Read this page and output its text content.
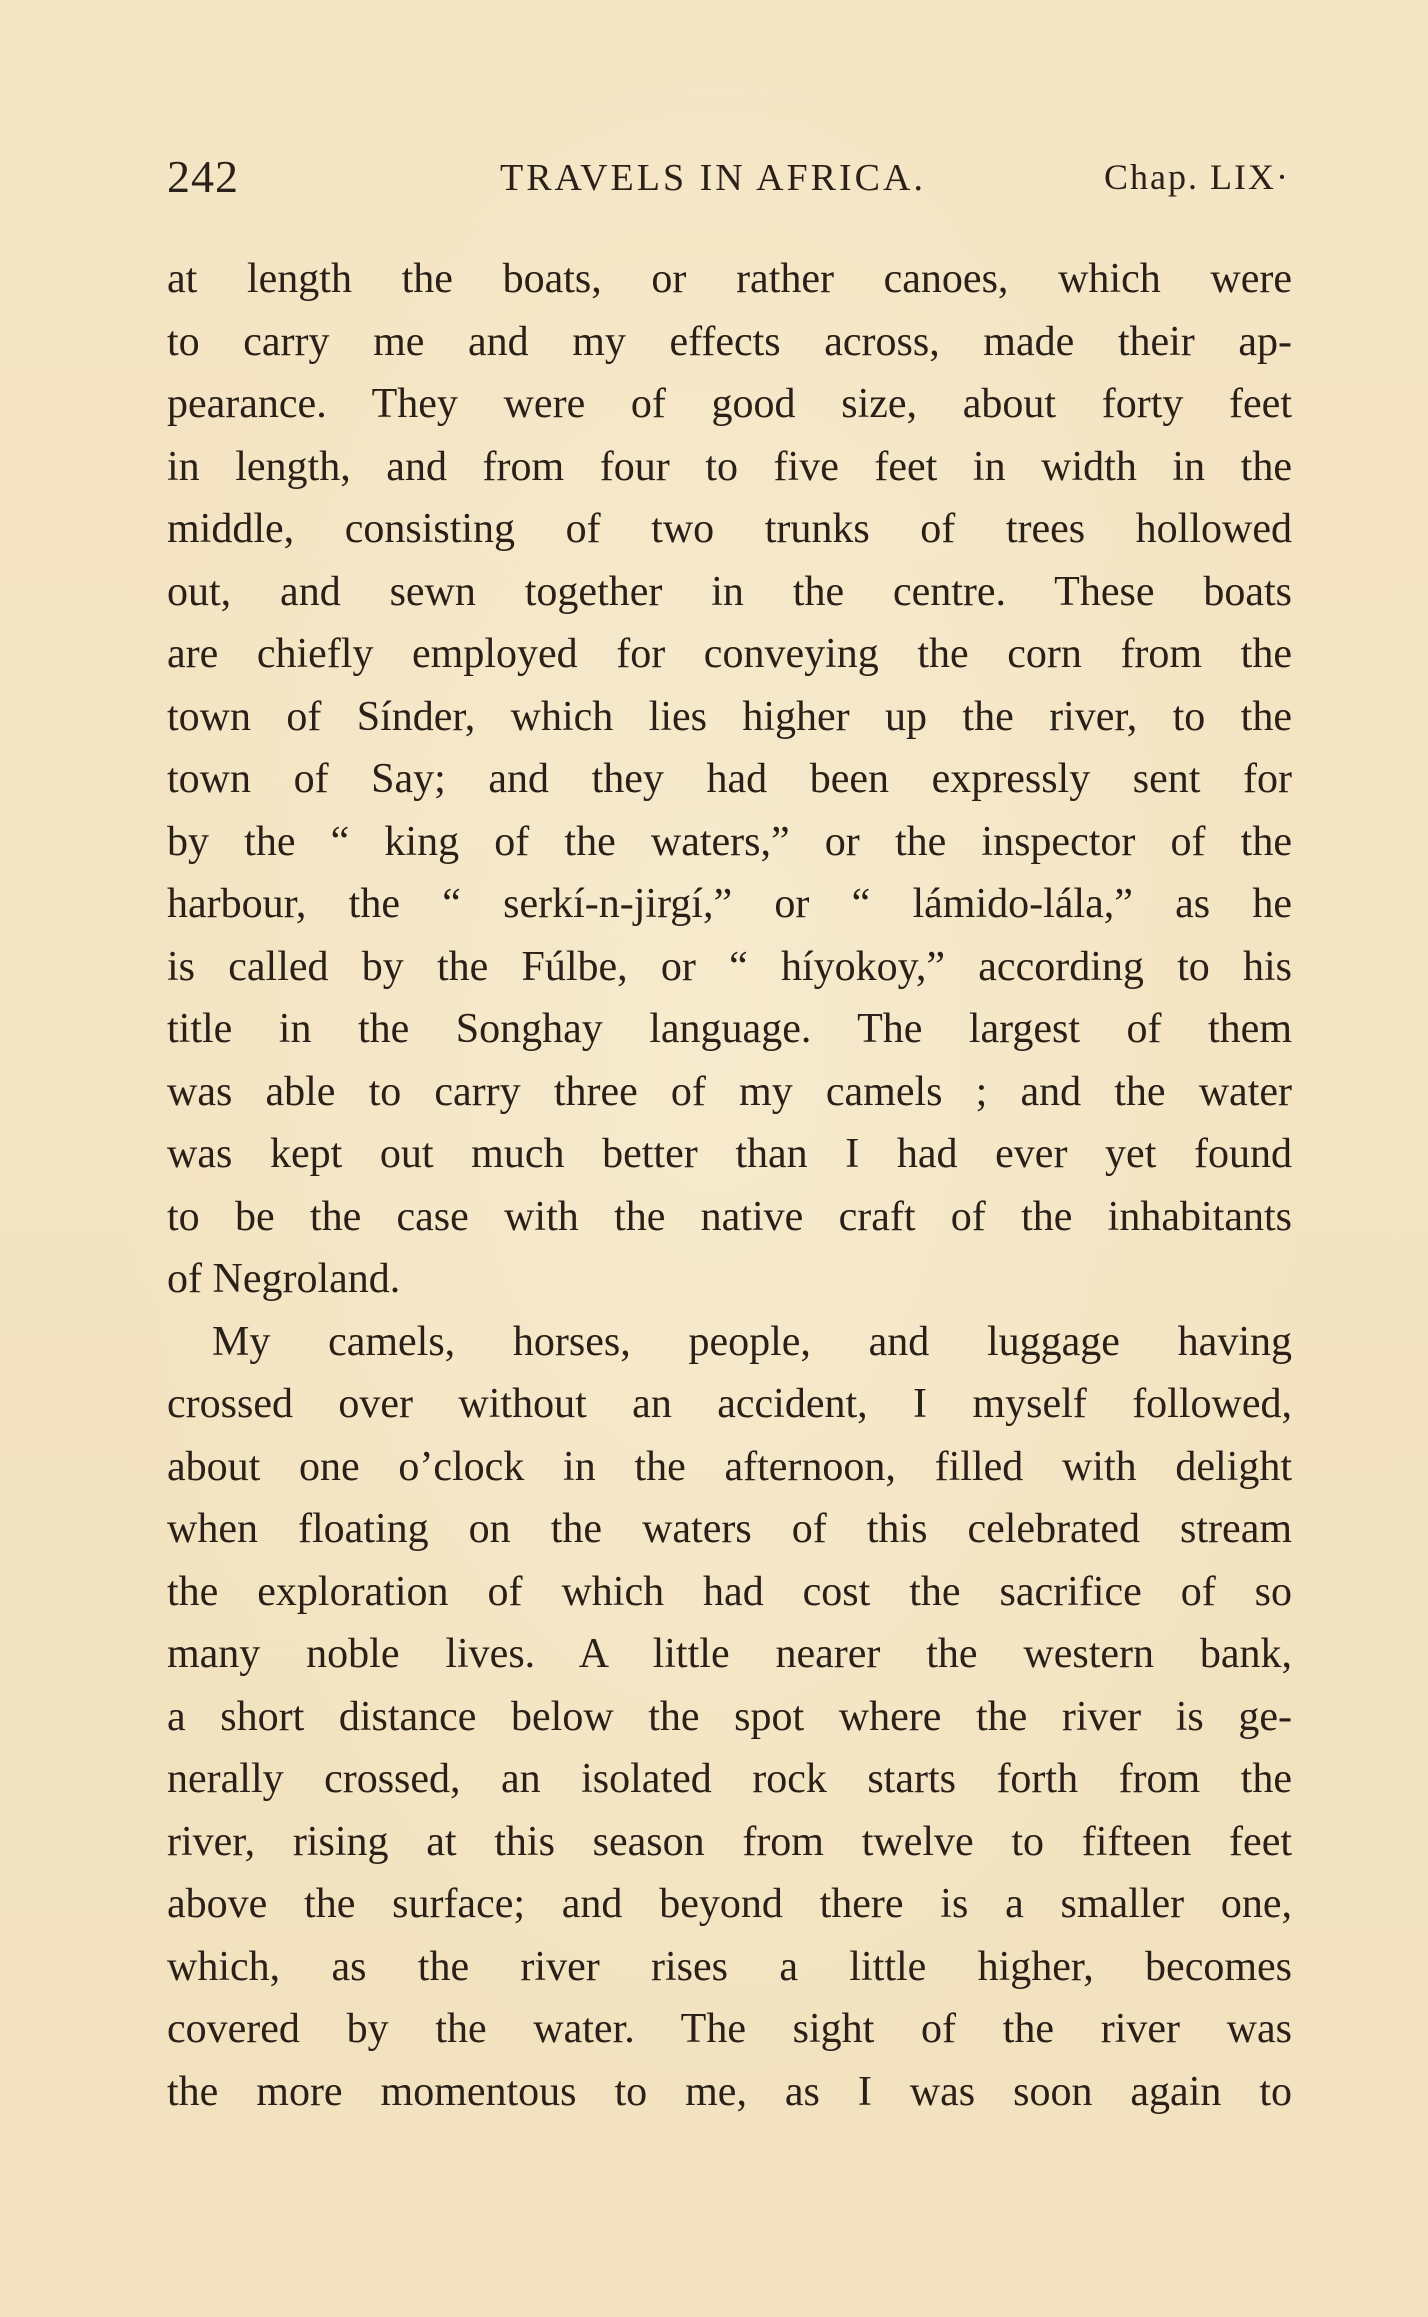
242	TRAVELS IN AFRICA.	Chap. LIX·
at length the boats, or rather canoes, which were
to carry me and my effects across, made their ap-
pearance. They were of good size, about forty feet
in length, and from four to five feet in width in the
middle, consisting of two trunks of trees hollowed
out, and sewn together in the centre. These boats
are chiefly employed for conveying the corn from the
town of Sínder, which lies higher up the river, to the
town of Say; and they had been expressly sent for
by the “ king of the waters,” or the inspector of the
harbour, the “ serkí-n-jirgí,” or “ lámido-lála,” as he
is called by the Fúlbe, or “ híyokoy,” according to his
title in the Songhay language. The largest of them
was able to carry three of my camels ; and the water
was kept out much better than I had ever yet found
to be the case with the native craft of the inhabitants
of Negroland.
My camels, horses, people, and luggage having
crossed over without an accident, I myself followed,
about one o’clock in the afternoon, filled with delight
when floating on the waters of this celebrated stream
the exploration of which had cost the sacrifice of so
many noble lives. A little nearer the western bank,
a short distance below the spot where the river is ge-
nerally crossed, an isolated rock starts forth from the
river, rising at this season from twelve to fifteen feet
above the surface; and beyond there is a smaller one,
which, as the river rises a little higher, becomes
covered by the water. The sight of the river was
the more momentous to me, as I was soon again to
